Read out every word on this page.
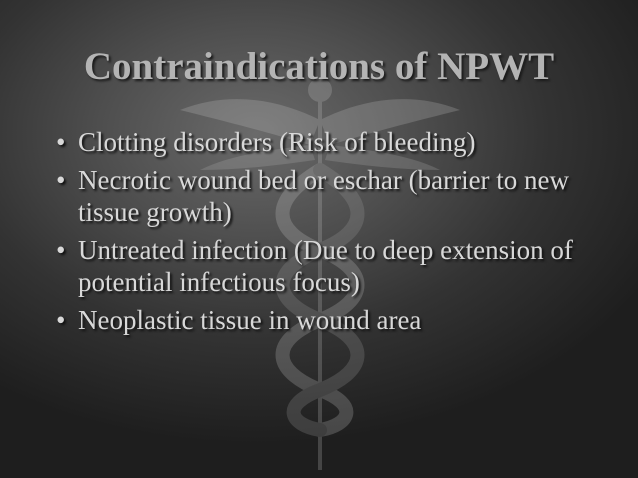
Contraindications of NPWT
• Clotting disorders (Risk of bleeding)
• Necrotic wound bed or eschar (barrier to new tissue growth)
• Untreated infection (Due to deep extension of potential infectious focus)
• Neoplastic tissue in wound area
